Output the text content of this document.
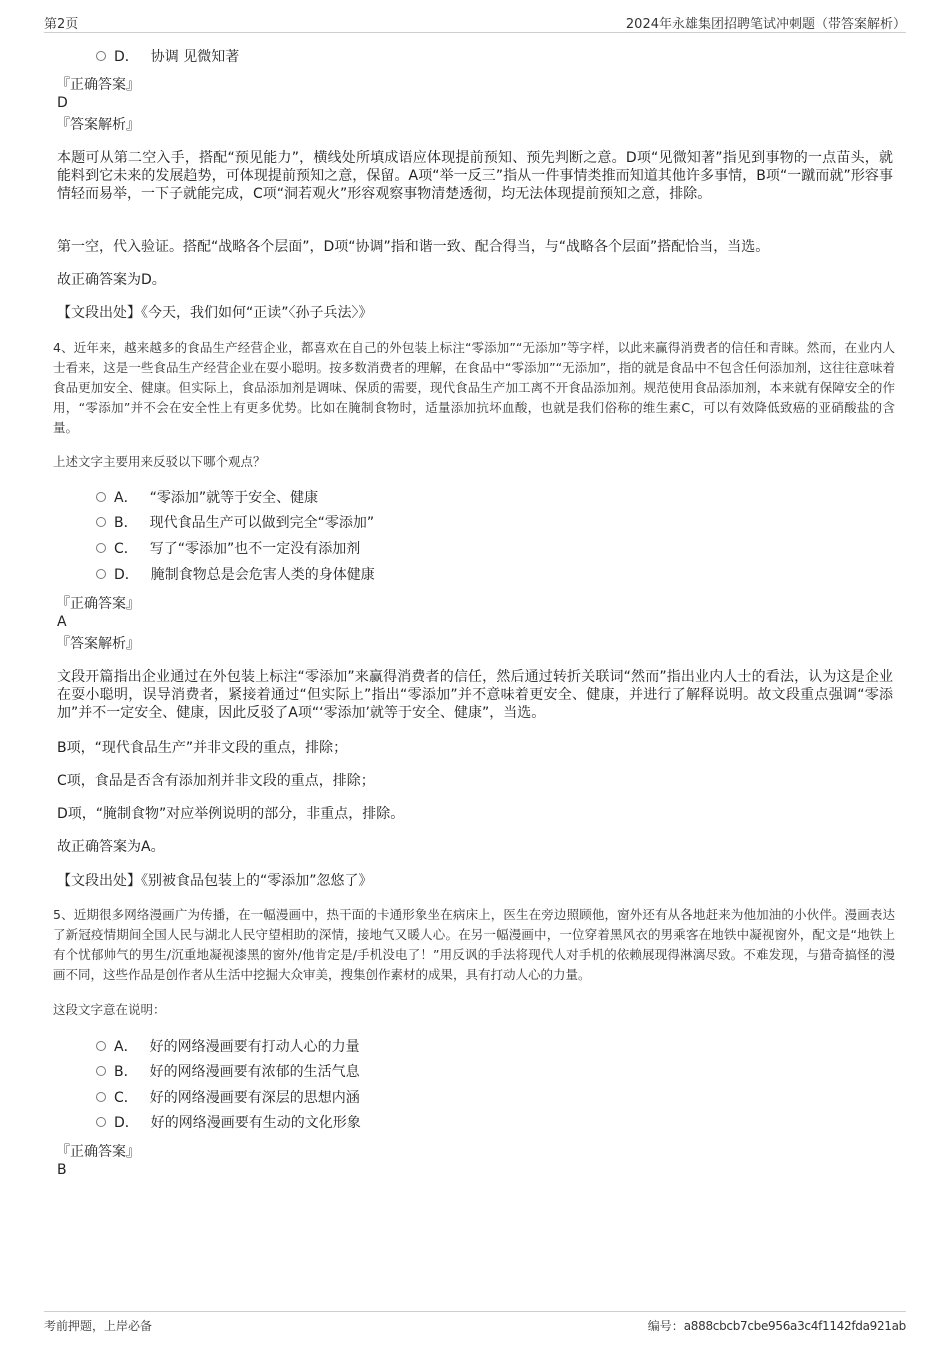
第2页	2024年永雄集团招聘笔试冲刺题（带答案解析）
D． 协调 见微知著
『正确答案』
D
『答案解析』

本题可从第二空入手，搭配“预见能力”，横线处所填成语应体现提前预知、预先判断之意。D项“见微知著”指见到事物的一点苗头，就能料到它未来的发展趋势，可体现提前预知之意，保留。A项“举一反三”指从一件事情类推而知道其他许多事情，B项“一蹴而就”形容事情轻而易举，一下子就能完成，C项“洞若观火”形容观察事物清楚透彻，均无法体现提前预知之意，排除。

第一空，代入验证。搭配“战略各个层面”，D项“协调”指和谐一致、配合得当，与“战略各个层面”搭配恰当，当选。

故正确答案为D。

【文段出处】《今天，我们如何“正读”〈孙子兵法〉》

4、近年来，越来越多的食品生产经营企业，都喜欢在自己的外包装上标注“零添加”“无添加”等字样，以此来赢得消费者的信任和青睐。然而，在业内人士看来，这是一些食品生产经营企业在耍小聪明。按多数消费者的理解，在食品中“零添加”“无添加”，指的就是食品中不包含任何添加剂，这往往意味着食品更加安全、健康。但实际上，食品添加剂是调味、保质的需要，现代食品生产加工离不开食品添加剂。规范使用食品添加剂，本来就有保障安全的作用，“零添加”并不会在安全性上有更多优势。比如在腌制食物时，适量添加抗坏血酸，也就是我们俗称的维生素C，可以有效降低致癌的亚硝酸盐的含量。

上述文字主要用来反驳以下哪个观点？

A． “零添加”就等于安全、健康
B． 现代食品生产可以做到完全“零添加”
C． 写了“零添加”也不一定没有添加剂
D． 腌制食物总是会危害人类的身体健康
『正确答案』
A
『答案解析』

文段开篇指出企业通过在外包装上标注“零添加”来赢得消费者的信任，然后通过转折关联词“然而”指出业内人士的看法，认为这是企业在耍小聪明，误导消费者，紧接着通过“但实际上”指出“零添加”并不意味着更安全、健康，并进行了解释说明。故文段重点强调“零添加”并不一定安全、健康，因此反驳了A项“‘零添加’就等于安全、健康”，当选。

B项，“现代食品生产”并非文段的重点，排除；

C项，食品是否含有添加剂并非文段的重点，排除；

D项，“腌制食物”对应举例说明的部分，非重点，排除。

故正确答案为A。

【文段出处】《别被食品包装上的“零添加”忽悠了》

5、近期很多网络漫画广为传播，在一幅漫画中，热干面的卡通形象坐在病床上，医生在旁边照顾他，窗外还有从各地赶来为他加油的小伙伴。漫画表达了新冠疫情期间全国人民与湖北人民守望相助的深情，接地气又暖人心。在另一幅漫画中，一位穿着黑风衣的男乘客在地铁中凝视窗外，配文是“地铁上有个忧郁帅气的男生/沉重地凝视漆黑的窗外/他肯定是/手机没电了！”用反讽的手法将现代人对手机的依赖展现得淋漓尽致。不难发现，与猎奇搞怪的漫画不同，这些作品是创作者从生活中挖掘大众审美，搜集创作素材的成果，具有打动人心的力量。

这段文字意在说明：

A． 好的网络漫画要有打动人心的力量
B． 好的网络漫画要有浓郁的生活气息
C． 好的网络漫画要有深层的思想内涵
D． 好的网络漫画要有生动的文化形象
『正确答案』
B
考前押题，上岸必备	编号：a888cbcb7cbe956a3c4f1142fda921ab
